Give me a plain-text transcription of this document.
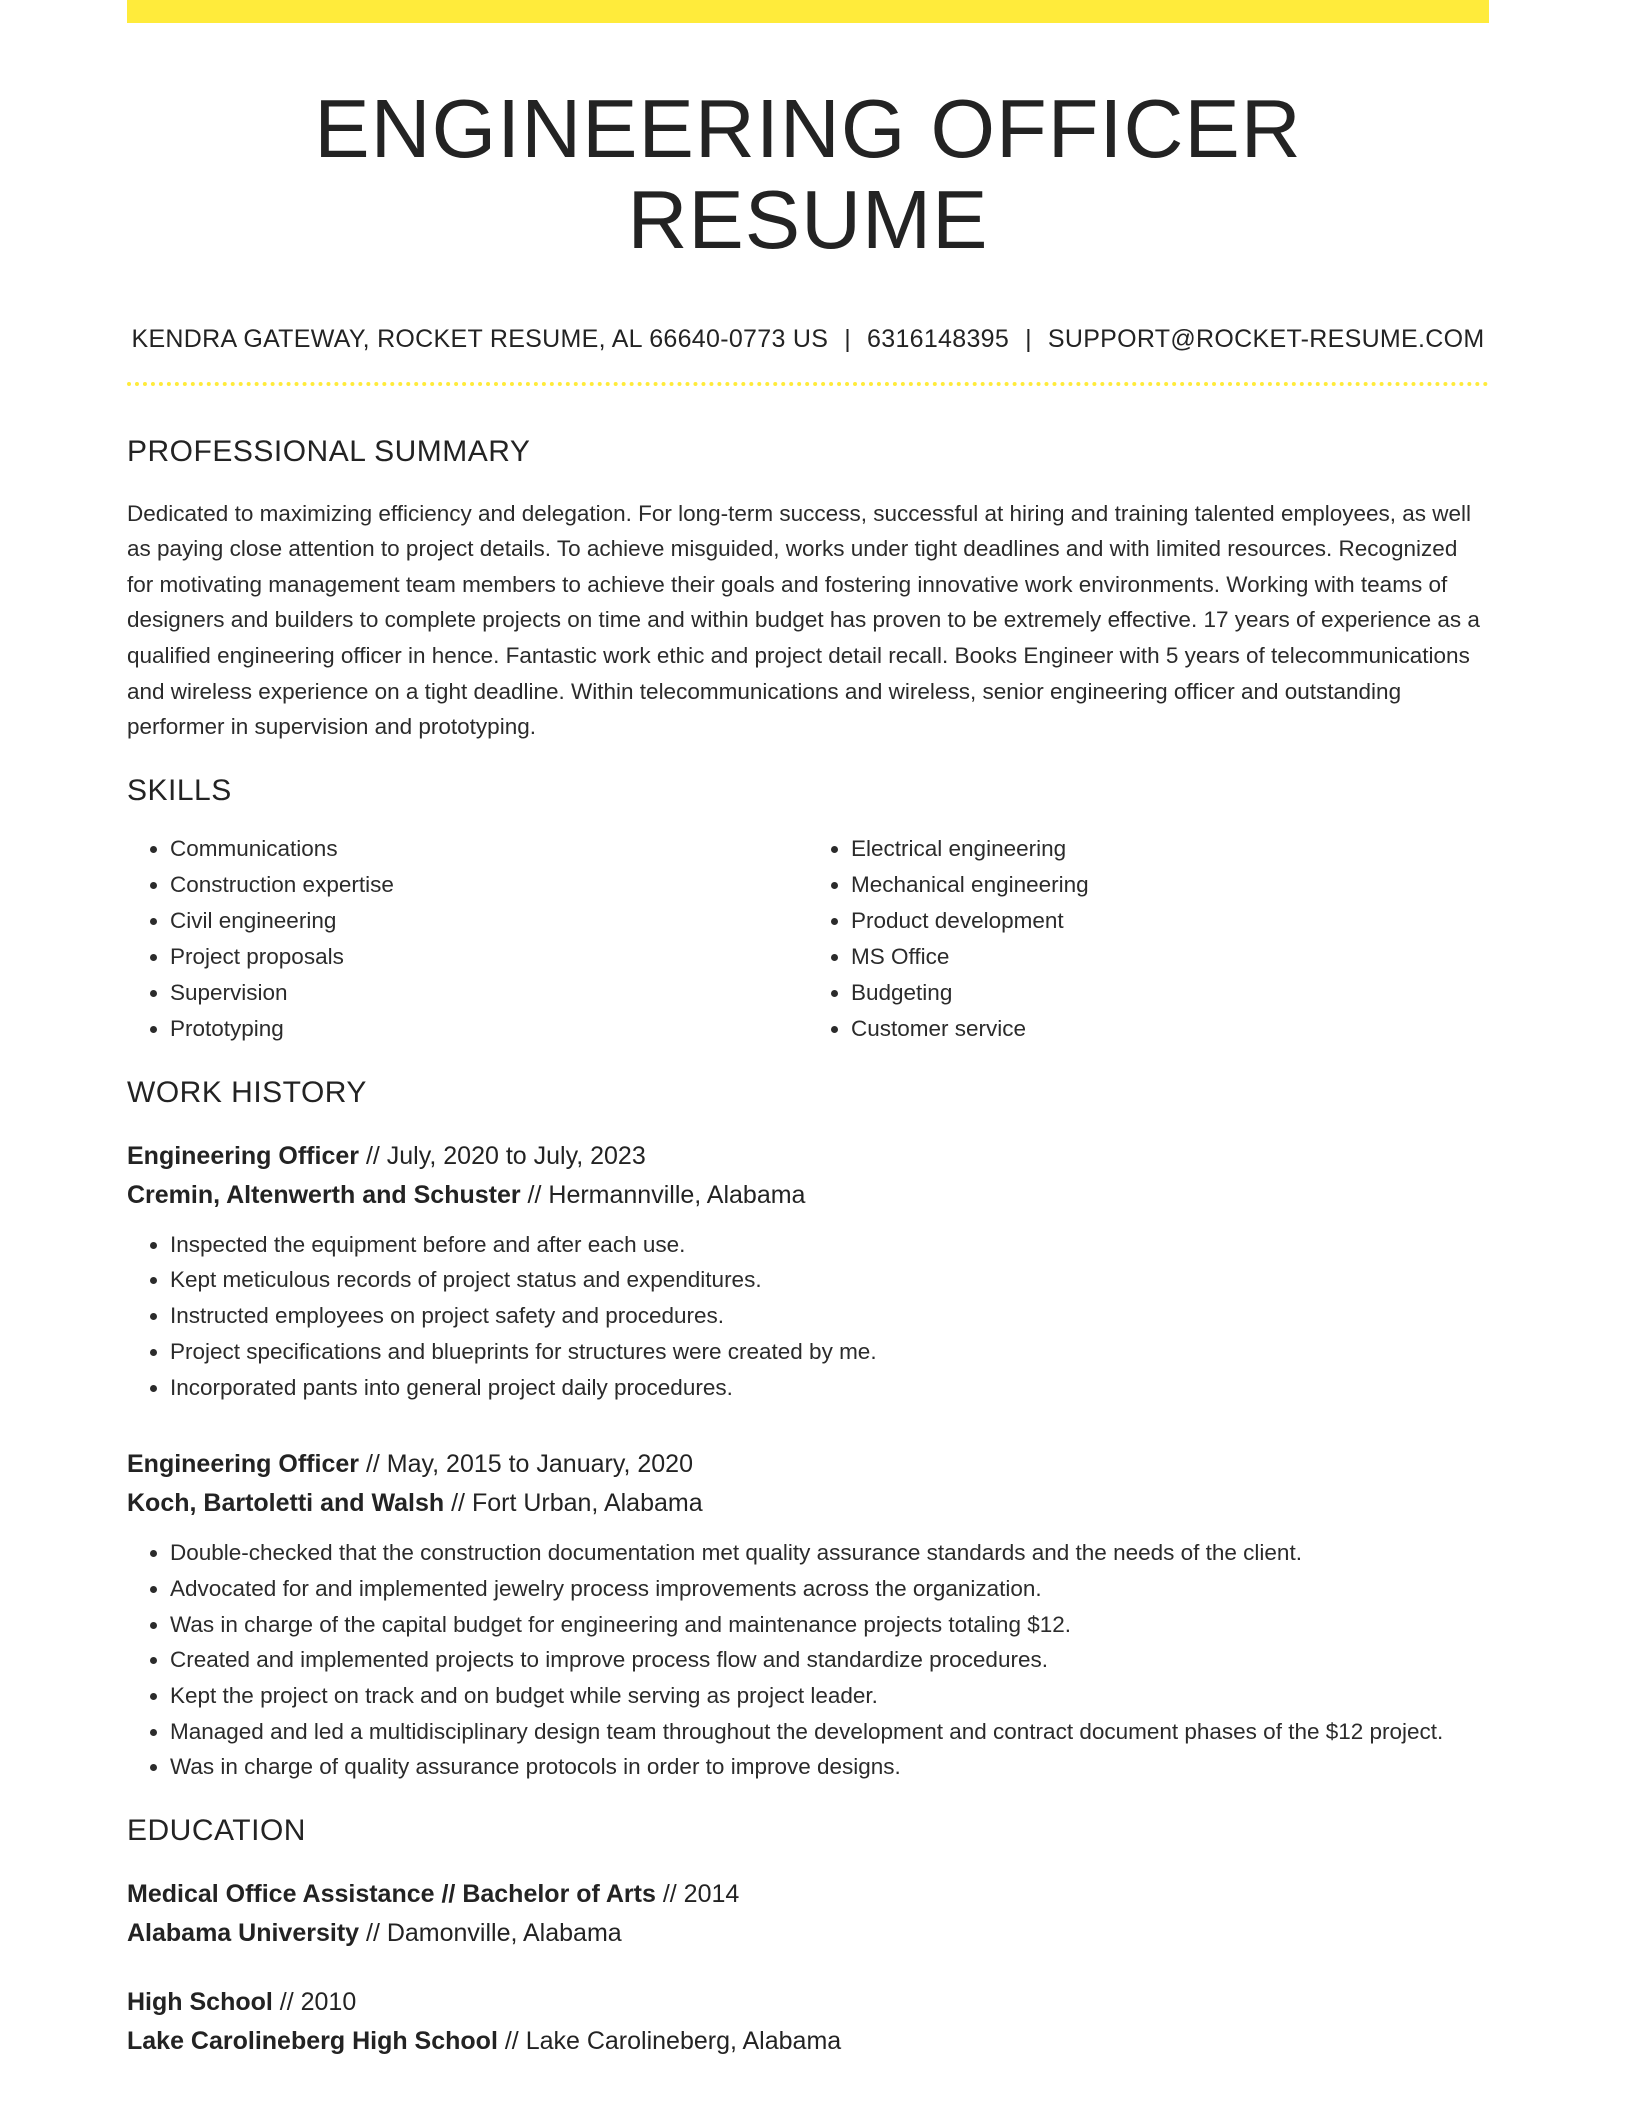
ENGINEERING OFFICER RESUME
KENDRA GATEWAY, ROCKET RESUME, AL 66640-0773 US | 6316148395 | SUPPORT@ROCKET-RESUME.COM
PROFESSIONAL SUMMARY
Dedicated to maximizing efficiency and delegation. For long-term success, successful at hiring and training talented employees, as well as paying close attention to project details. To achieve misguided, works under tight deadlines and with limited resources. Recognized for motivating management team members to achieve their goals and fostering innovative work environments. Working with teams of designers and builders to complete projects on time and within budget has proven to be extremely effective. 17 years of experience as a qualified engineering officer in hence. Fantastic work ethic and project detail recall. Books Engineer with 5 years of telecommunications and wireless experience on a tight deadline. Within telecommunications and wireless, senior engineering officer and outstanding performer in supervision and prototyping.
SKILLS
• Communications
• Construction expertise
• Civil engineering
• Project proposals
• Supervision
• Prototyping
• Electrical engineering
• Mechanical engineering
• Product development
• MS Office
• Budgeting
• Customer service
WORK HISTORY
Engineering Officer // July, 2020 to July, 2023
Cremin, Altenwerth and Schuster // Hermannville, Alabama
• Inspected the equipment before and after each use.
• Kept meticulous records of project status and expenditures.
• Instructed employees on project safety and procedures.
• Project specifications and blueprints for structures were created by me.
• Incorporated pants into general project daily procedures.
Engineering Officer // May, 2015 to January, 2020
Koch, Bartoletti and Walsh // Fort Urban, Alabama
• Double-checked that the construction documentation met quality assurance standards and the needs of the client.
• Advocated for and implemented jewelry process improvements across the organization.
• Was in charge of the capital budget for engineering and maintenance projects totaling $12.
• Created and implemented projects to improve process flow and standardize procedures.
• Kept the project on track and on budget while serving as project leader.
• Managed and led a multidisciplinary design team throughout the development and contract document phases of the $12 project.
• Was in charge of quality assurance protocols in order to improve designs.
EDUCATION
Medical Office Assistance // Bachelor of Arts // 2014
Alabama University // Damonville, Alabama
High School // 2010
Lake Carolineberg High School // Lake Carolineberg, Alabama
